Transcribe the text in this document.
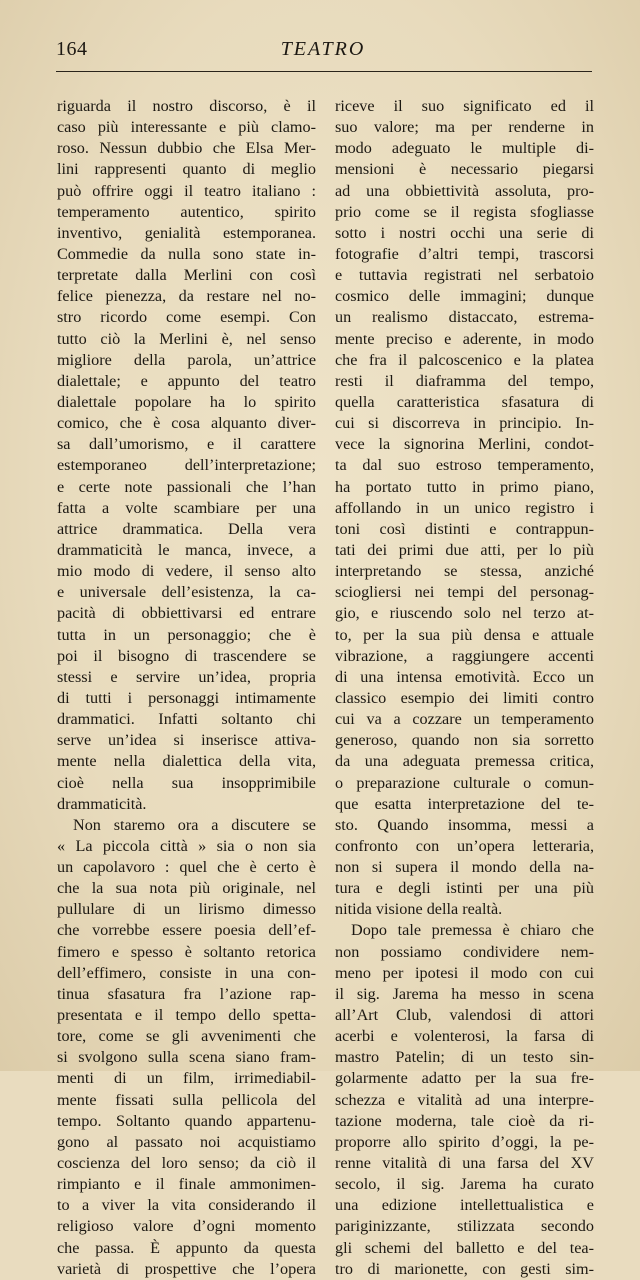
164	TEATRO
riguarda il nostro discorso, è il
caso più interessante e più clamo-
roso. Nessun dubbio che Elsa Mer-
lini rappresenti quanto di meglio
può offrire oggi il teatro italiano :
temperamento autentico, spirito
inventivo, genialità estemporanea.
Commedie da nulla sono state in-
terpretate dalla Merlini con così
felice pienezza, da restare nel no-
stro ricordo come esempi. Con
tutto ciò la Merlini è, nel senso
migliore della parola, un’attrice
dialettale; e appunto del teatro
dialettale popolare ha lo spirito
comico, che è cosa alquanto diver-
sa dall’umorismo, e il carattere
estemporaneo dell’interpretazione;
e certe note passionali che l’han
fatta a volte scambiare per una
attrice drammatica. Della vera
drammaticità le manca, invece, a
mio modo di vedere, il senso alto
e universale dell’esistenza, la ca-
pacità di obbiettivarsi ed entrare
tutta in un personaggio; che è
poi il bisogno di trascendere se
stessi e servire un’idea, propria
di tutti i personaggi intimamente
drammatici. Infatti soltanto chi
serve un’idea si inserisce attiva-
mente nella dialettica della vita,
cioè nella sua insopprimibile
drammaticità.
Non staremo ora a discutere se
« La piccola città » sia o non sia
un capolavoro : quel che è certo è
che la sua nota più originale, nel
pullulare di un lirismo dimesso
che vorrebbe essere poesia dell’ef-
fimero e spesso è soltanto retorica
dell’effimero, consiste in una con-
tinua sfasatura fra l’azione rap-
presentata e il tempo dello spetta-
tore, come se gli avvenimenti che
si svolgono sulla scena siano fram-
menti di un film, irrimediabil-
mente fissati sulla pellicola del
tempo. Soltanto quando appartenu-
gono al passato noi acquistiamo
coscienza del loro senso; da ciò il
rimpianto e il finale ammonimen-
to a viver la vita considerando il
religioso valore d’ogni momento
che passa. È appunto da questa
varietà di prospettive che l’opera
riceve il suo significato ed il
suo valore; ma per renderne in
modo adeguato le multiple di-
mensioni è necessario piegarsi
ad una obbiettività assoluta, pro-
prio come se il regista sfogliasse
sotto i nostri occhi una serie di
fotografie d’altri tempi, trascorsi
e tuttavia registrati nel serbatoio
cosmico delle immagini; dunque
un realismo distaccato, estrema-
mente preciso e aderente, in modo
che fra il palcoscenico e la platea
resti il diaframma del tempo,
quella caratteristica sfasatura di
cui si discorreva in principio. In-
vece la signorina Merlini, condot-
ta dal suo estroso temperamento,
ha portato tutto in primo piano,
affollando in un unico registro i
toni così distinti e contrappun-
tati dei primi due atti, per lo più
interpretando se stessa, anziché
sciogliersi nei tempi del personag-
gio, e riuscendo solo nel terzo at-
to, per la sua più densa e attuale
vibrazione, a raggiungere accenti
di una intensa emotività. Ecco un
classico esempio dei limiti contro
cui va a cozzare un temperamento
generoso, quando non sia sorretto
da una adeguata premessa critica,
o preparazione culturale o comun-
que esatta interpretazione del te-
sto. Quando insomma, messi a
confronto con un’opera letteraria,
non si supera il mondo della na-
tura e degli istinti per una più
nitida visione della realtà.
Dopo tale premessa è chiaro che
non possiamo condividere nem-
meno per ipotesi il modo con cui
il sig. Jarema ha messo in scena
all’Art Club, valendosi di attori
acerbi e volenterosi, la farsa di
mastro Patelin; di un testo sin-
golarmente adatto per la sua fre-
schezza e vitalità ad una interpre-
tazione moderna, tale cioè da ri-
proporre allo spirito d’oggi, la pe-
renne vitalità di una farsa del XV
secolo, il sig. Jarema ha curato
una edizione intellettualistica e
pariginizzante, stilizzata secondo
gli schemi del balletto e del tea-
tro di marionette, con gesti sim-
